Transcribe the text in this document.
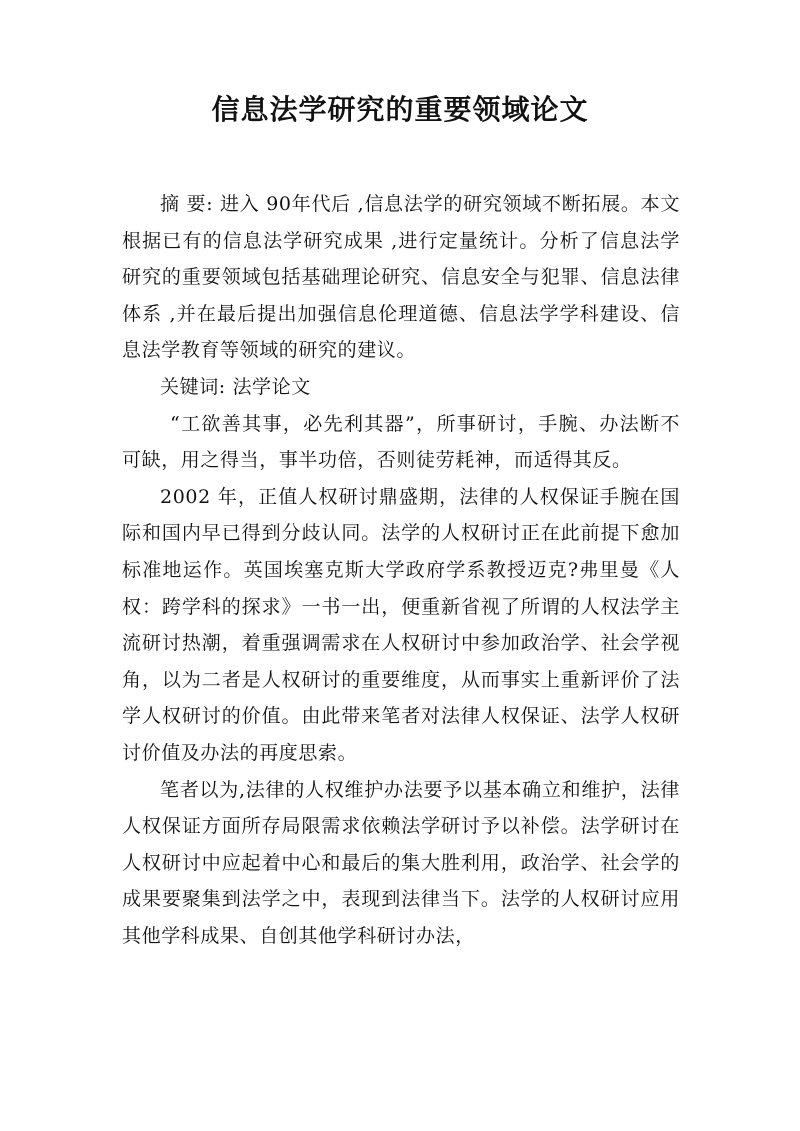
信息法学研究的重要领域论文

摘 要: 进入 90年代后 ,信息法学的研究领域不断拓展。本文根据已有的信息法学研究成果 ,进行定量统计。分析了信息法学研究的重要领域包括基础理论研究、信息安全与犯罪、信息法律体系 ,并在最后提出加强信息伦理道德、信息法学学科建设、信息法学教育等领域的研究的建议。

关键词: 法学论文

“工欲善其事，必先利其器”，所事研讨，手腕、办法断不可缺，用之得当，事半功倍，否则徒劳耗神，而适得其反。

2002 年，正值人权研讨鼎盛期，法律的人权保证手腕在国际和国内早已得到分歧认同。法学的人权研讨正在此前提下愈加标准地运作。英国埃塞克斯大学政府学系教授迈克?弗里曼《人权：跨学科的探求》一书一出，便重新省视了所谓的人权法学主流研讨热潮，着重强调需求在人权研讨中参加政治学、社会学视角，以为二者是人权研讨的重要维度，从而事实上重新评价了法学人权研讨的价值。由此带来笔者对法律人权保证、法学人权研讨价值及办法的再度思索。

笔者以为,法律的人权维护办法要予以基本确立和维护，法律人权保证方面所存局限需求依赖法学研讨予以补偿。法学研讨在人权研讨中应起着中心和最后的集大胜利用，政治学、社会学的成果要聚集到法学之中，表现到法律当下。法学的人权研讨应用其他学科成果、自创其他学科研讨办法，
